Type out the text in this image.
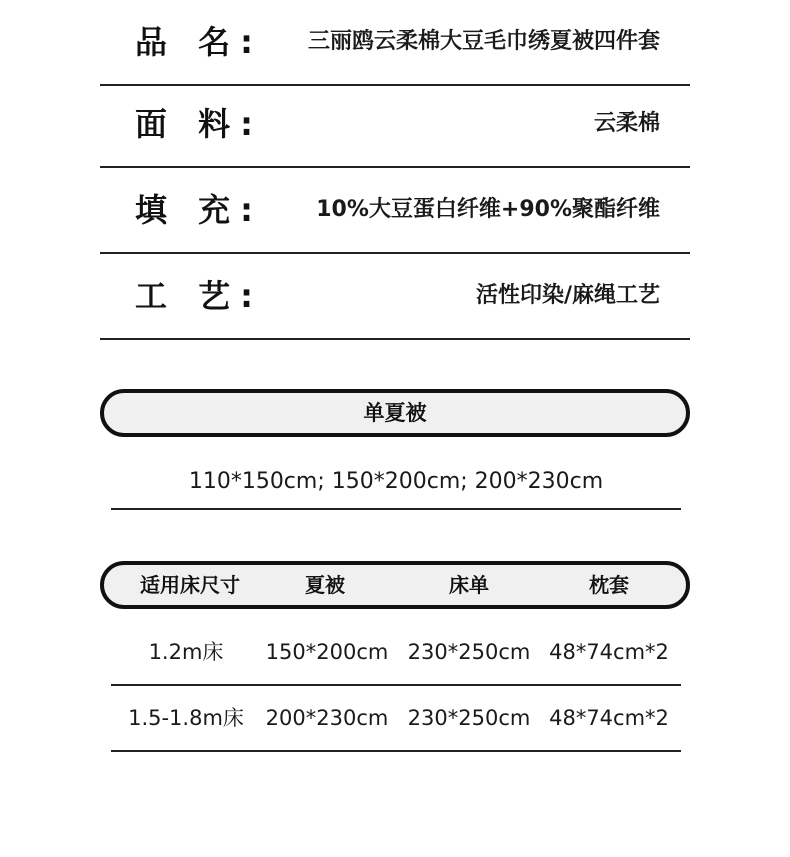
品 名: 三丽鸥云柔棉大豆毛巾绣夏被四件套
面 料:	云柔棉
填 充: 10%大豆蛋白纤维+90%聚酯纤维
工 艺:	活性印染/麻绳工艺
单夏被
110*150cm; 150*200cm; 200*230cm
适用床尺寸	夏被	床单	枕套
1.2m床	150*200cm 230*250cm 48*74cm*2
1.5-1.8m床	200*230cm 230*250cm 48*74cm*2
